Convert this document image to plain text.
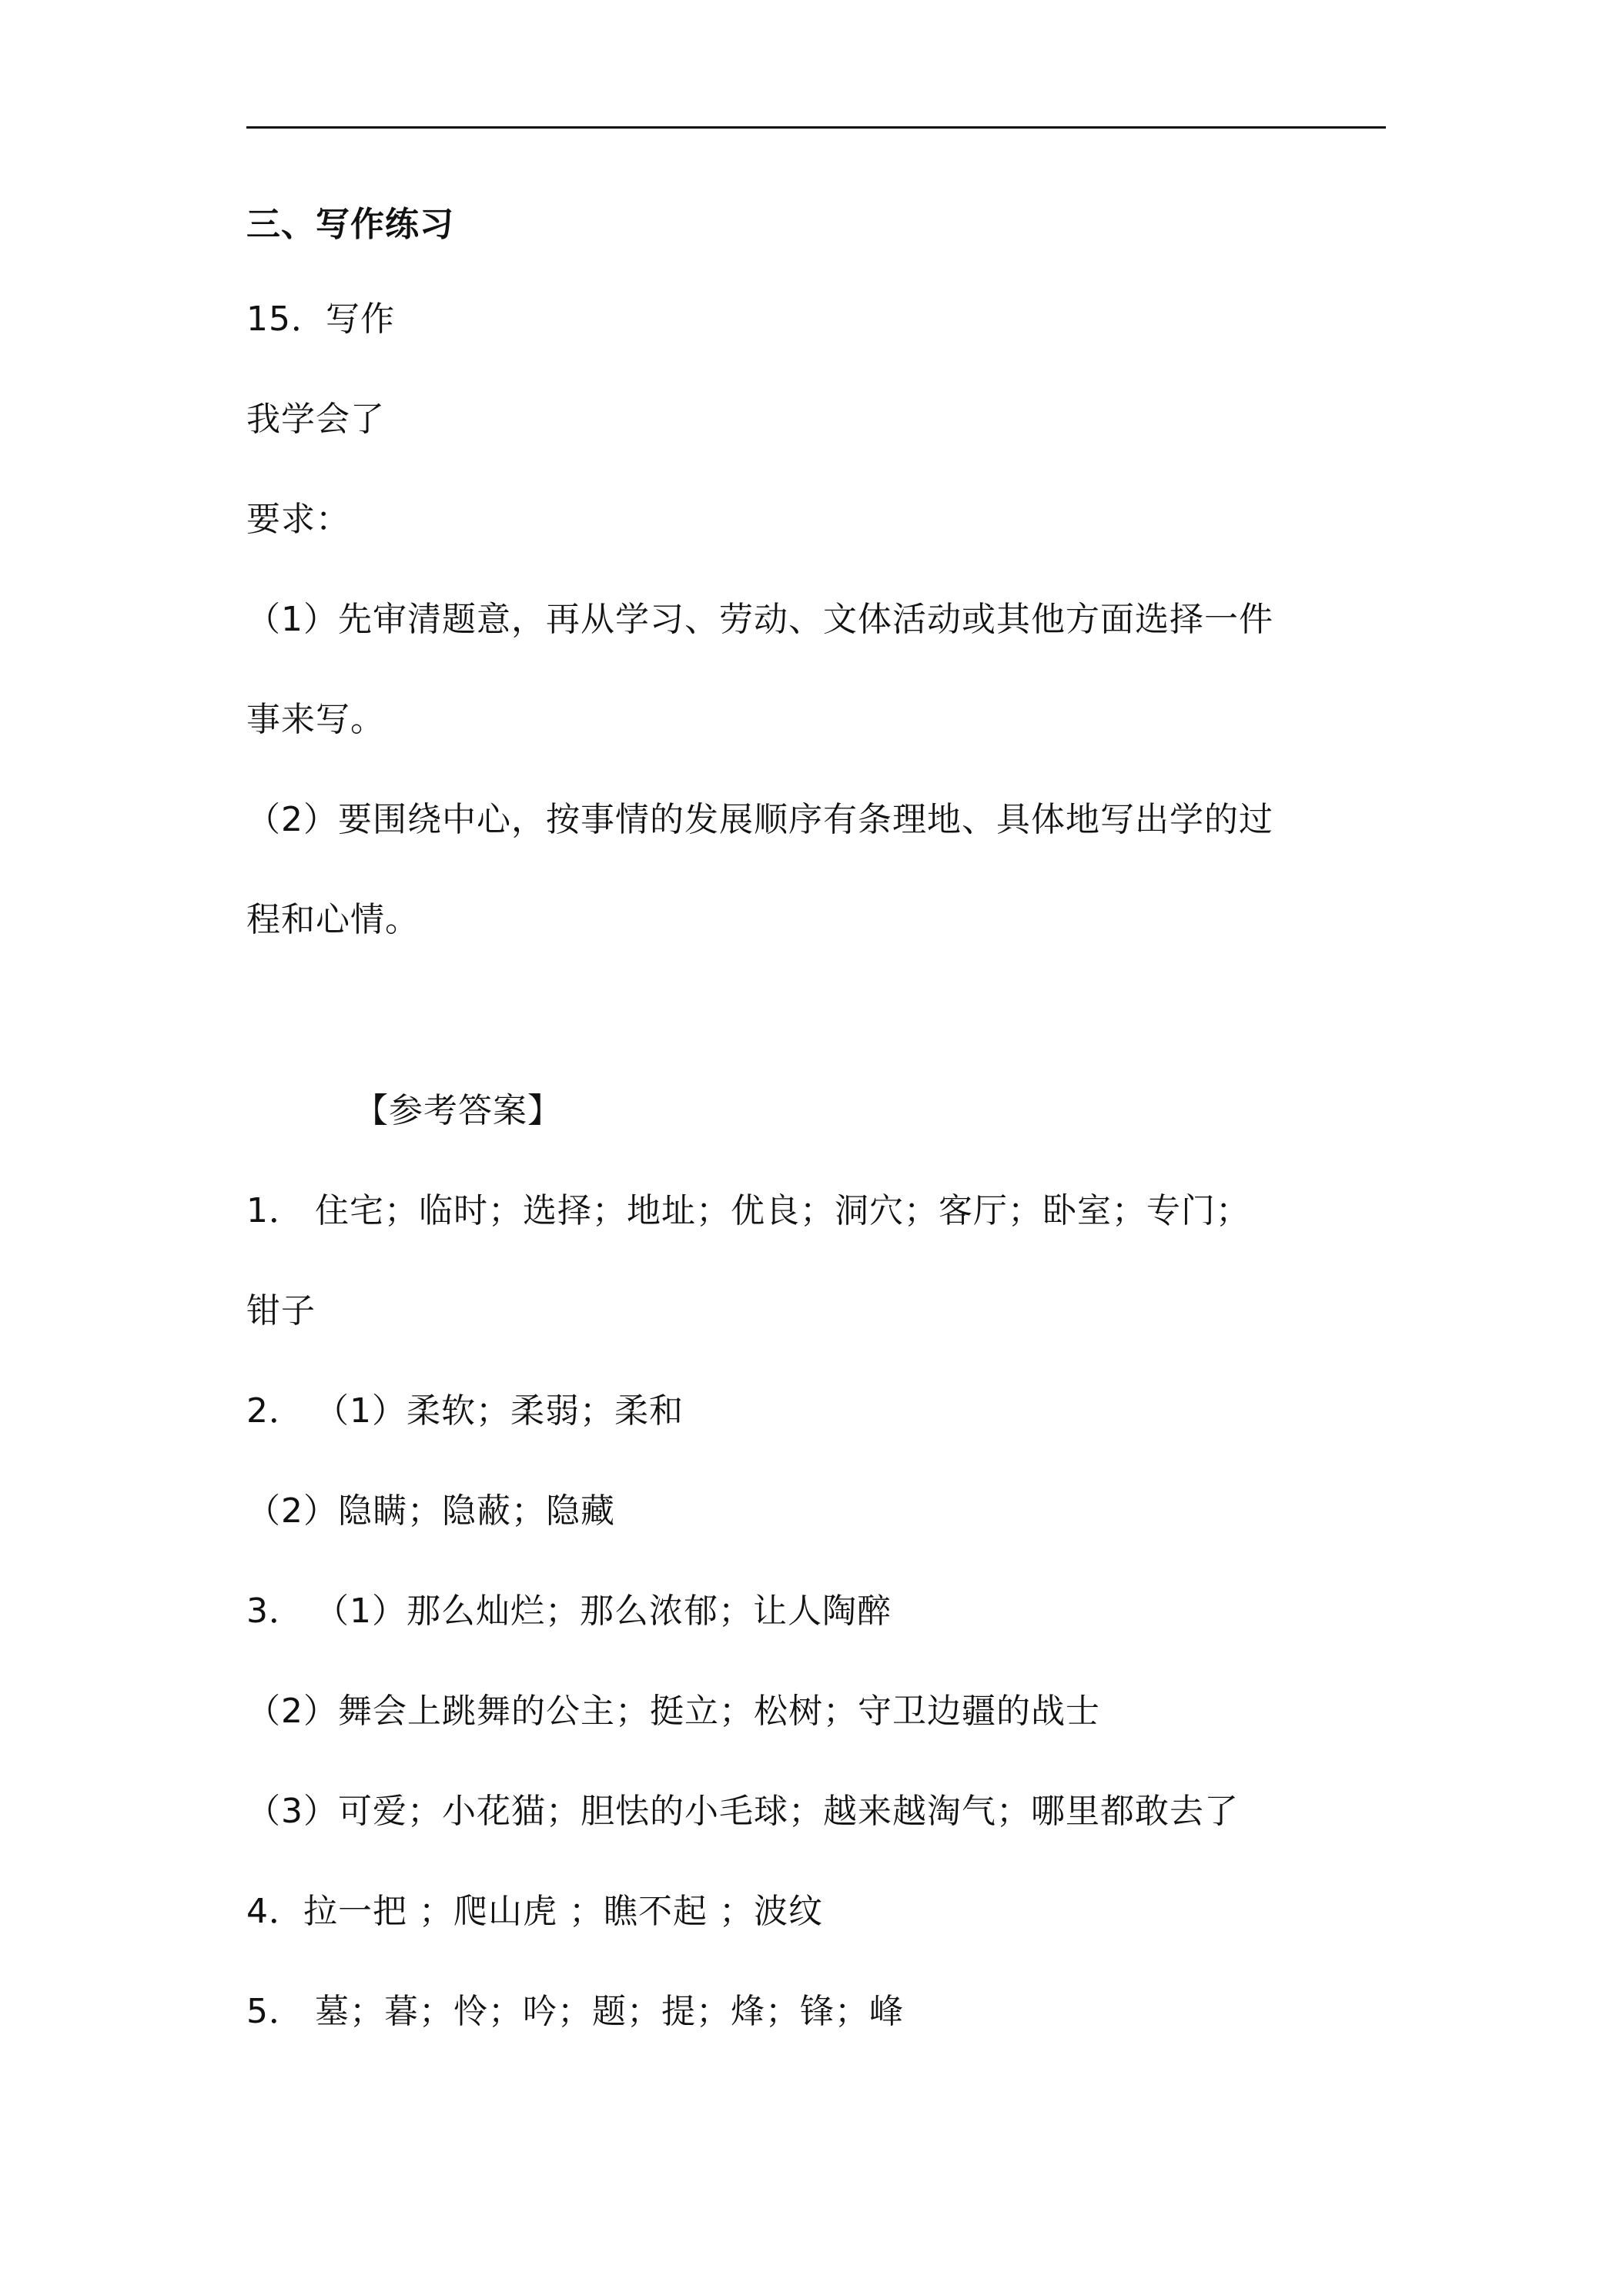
三、写作练习
15．写作
我学会了
要求：
（1）先审清题意，再从学习、劳动、文体活动或其他方面选择一件
事来写。
（2）要围绕中心，按事情的发展顺序有条理地、具体地写出学的过
程和心情。
【参考答案】
1． 住宅；临时；选择；地址；优良；洞穴；客厅；卧室；专门；
钳子
2． （1）柔软；柔弱；柔和
（2）隐瞒；隐蔽；隐藏
3． （1）那么灿烂；那么浓郁；让人陶醉
（2）舞会上跳舞的公主；挺立；松树；守卫边疆的战士
（3）可爱；小花猫；胆怯的小毛球；越来越淘气；哪里都敢去了
4．拉一把 ；爬山虎 ；瞧不起 ；波纹
5． 墓；暮；怜；吟；题；提；烽；锋；峰
